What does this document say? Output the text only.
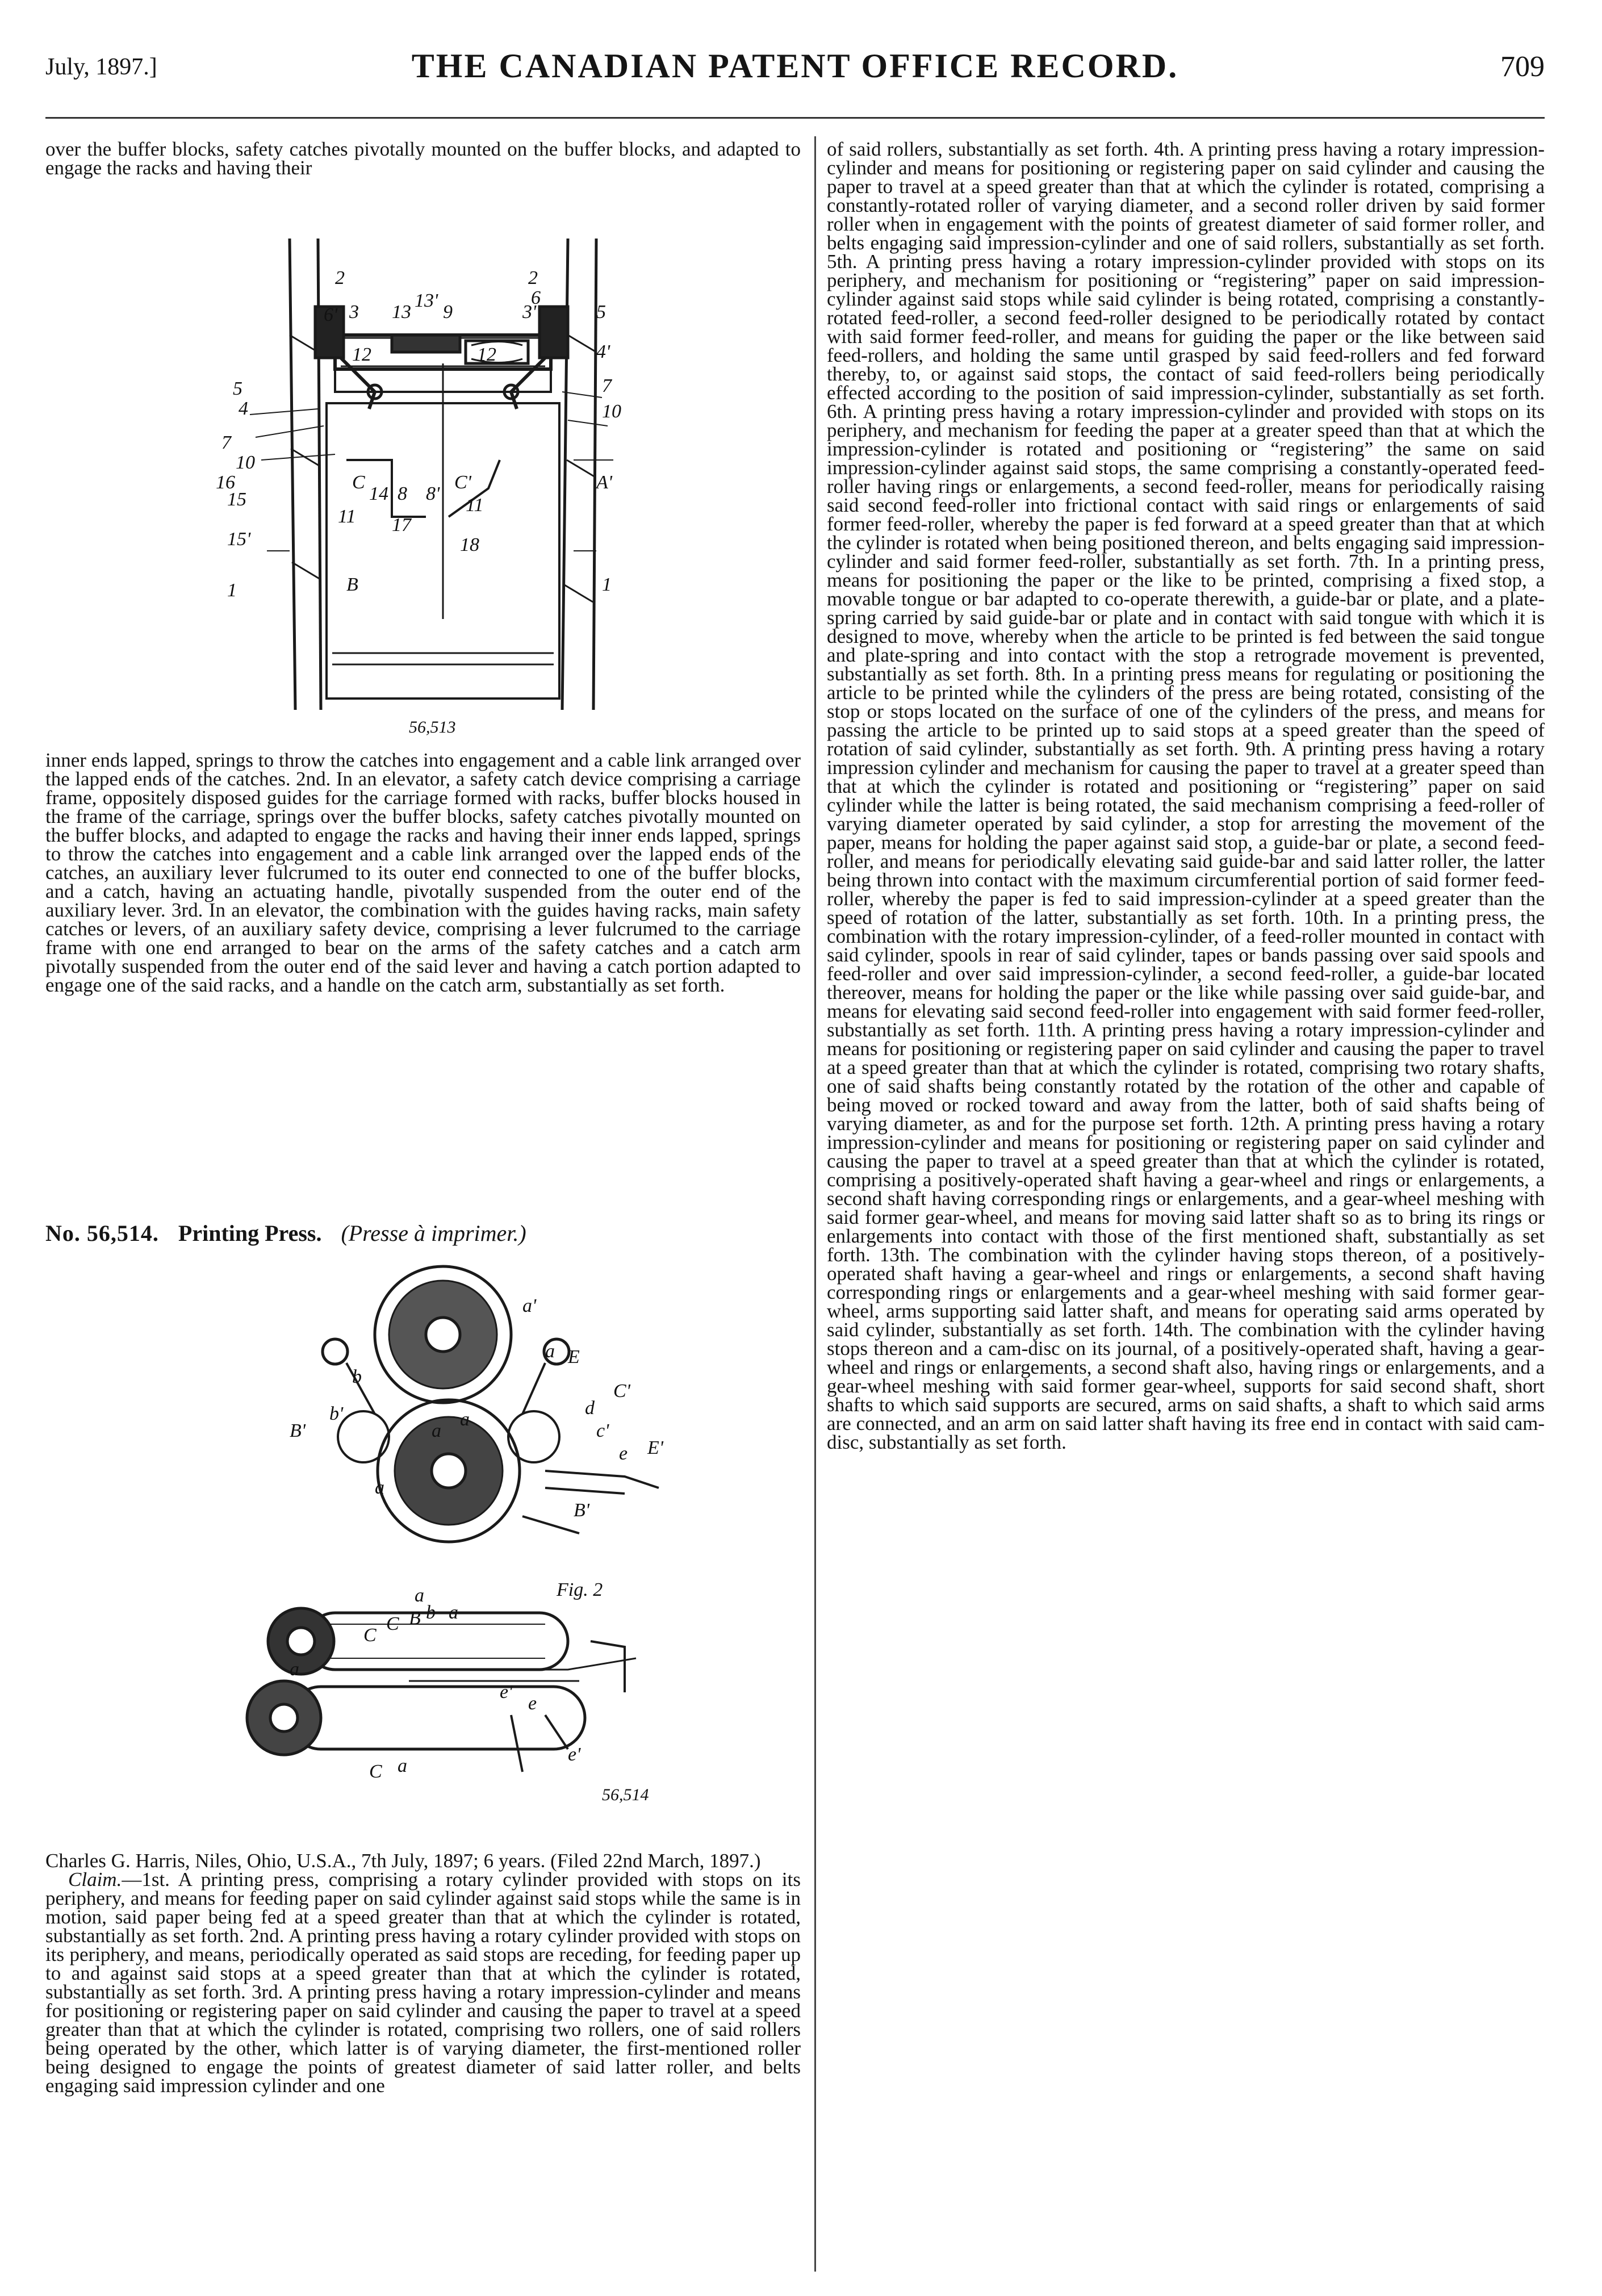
July, 1897.]	THE CANADIAN PATENT OFFICE RECORD.	709

over the buffer blocks, safety catches pivotally mounted on the buffer blocks, and adapted to engage the racks and having their

2	2
6' 3 13
13'
9	3'
6
5
5
4
4'
7
7
12	12
10
10
16
15
15'
C
14 8 8'
C'
11
11
17
18
1	1
B
A'
56,513

inner ends lapped, springs to throw the catches into engagement and a cable link arranged over the lapped ends of the catches. 2nd. In an elevator, a safety catch device comprising a carriage frame, oppositely disposed guides for the carriage formed with racks, buffer blocks housed in the frame of the carriage, springs over the buffer blocks, safety catches pivotally mounted on the buffer blocks, and adapted to engage the racks and having their inner ends lapped, springs to throw the catches into engagement and a cable link arranged over the lapped ends of the catches, an auxiliary lever fulcrumed to its outer end connected to one of the buffer blocks, and a catch, having an actuating handle, pivotally suspended from the outer end of the auxiliary lever. 3rd. In an elevator, the combination with the guides having racks, main safety catches or levers, of an auxiliary safety device, comprising a lever fulcrumed to the carriage frame with one end arranged to bear on the arms of the safety catches and a catch arm pivotally suspended from the outer end of the said lever and having a catch portion adapted to engage one of the said racks, and a handle on the catch arm, substantially as set forth.

No. 56,514. Printing Press. (Presse à imprimer.)
a'
a E
b
C'
b'
B'	a
a
d
c'
e E'
B'
a
Fig. 2
a
C
C B b a
e'
e
a
C a
e'
56,514

Charles G. Harris, Niles, Ohio, U.S.A., 7th July, 1897; 6 years. (Filed 22nd March, 1897.)

Claim.—1st. A printing press, comprising a rotary cylinder provided with stops on its periphery, and means for feeding paper on said cylinder against said stops while the same is in motion, said paper being fed at a speed greater than that at which the cylinder is rotated, substantially as set forth. 2nd. A printing press having a rotary cylinder provided with stops on its periphery, and means, periodically operated as said stops are receding, for feeding paper up to and against said stops at a speed greater than that at which the cylinder is rotated, substantially as set forth. 3rd. A printing press having a rotary impression-cylinder and means for positioning or registering paper on said cylinder and causing the paper to travel at a speed greater than that at which the cylinder is rotated, comprising two rollers, one of said rollers being operated by the other, which latter is of varying diameter, the first-mentioned roller being designed to engage the points of greatest diameter of said latter roller, and belts engaging said impression cylinder and one

of said rollers, substantially as set forth. 4th. A printing press having a rotary impression-cylinder and means for positioning or registering paper on said cylinder and causing the paper to travel at a speed greater than that at which the cylinder is rotated, comprising a constantly-rotated roller of varying diameter, and a second roller driven by said former roller when in engagement with the points of greatest diameter of said former roller, and belts engaging said impression-cylinder and one of said rollers, substantially as set forth. 5th. A printing press having a rotary impression-cylinder provided with stops on its periphery, and mechanism for positioning or “registering” paper on said impression-cylinder against said stops while said cylinder is being rotated, comprising a constantly-rotated feed-roller, a second feed-roller designed to be periodically rotated by contact with said former feed-roller, and means for guiding the paper or the like between said feed-rollers, and holding the same until grasped by said feed-rollers and fed forward thereby, to, or against said stops, the contact of said feed-rollers being periodically effected according to the position of said impression-cylinder, substantially as set forth. 6th. A printing press having a rotary impression-cylinder and provided with stops on its periphery, and mechanism for feeding the paper at a greater speed than that at which the impression-cylinder is rotated and positioning or “registering” the same on said impression-cylinder against said stops, the same comprising a constantly-operated feed-roller having rings or enlargements, a second feed-roller, means for periodically raising said second feed-roller into frictional contact with said rings or enlargements of said former feed-roller, whereby the paper is fed forward at a speed greater than that at which the cylinder is rotated when being positioned thereon, and belts engaging said impression-cylinder and said former feed-roller, substantially as set forth. 7th. In a printing press, means for positioning the paper or the like to be printed, comprising a fixed stop, a movable tongue or bar adapted to co-operate therewith, a guide-bar or plate, and a plate-spring carried by said guide-bar or plate and in contact with said tongue with which it is designed to move, whereby when the article to be printed is fed between the said tongue and plate-spring and into contact with the stop a retrograde movement is prevented, substantially as set forth. 8th. In a printing press means for regulating or positioning the article to be printed while the cylinders of the press are being rotated, consisting of the stop or stops located on the surface of one of the cylinders of the press, and means for passing the article to be printed up to said stops at a speed greater than the speed of rotation of said cylinder, substantially as set forth. 9th. A printing press having a rotary impression cylinder and mechanism for causing the paper to travel at a greater speed than that at which the cylinder is rotated and positioning or “registering” paper on said cylinder while the latter is being rotated, the said mechanism comprising a feed-roller of varying diameter operated by said cylinder, a stop for arresting the movement of the paper, means for holding the paper against said stop, a guide-bar or plate, a second feed-roller, and means for periodically elevating said guide-bar and said latter roller, the latter being thrown into contact with the maximum circumferential portion of said former feed-roller, whereby the paper is fed to said impression-cylinder at a speed greater than the speed of rotation of the latter, substantially as set forth. 10th. In a printing press, the combination with the rotary impression-cylinder, of a feed-roller mounted in contact with said cylinder, spools in rear of said cylinder, tapes or bands passing over said spools and feed-roller and over said impression-cylinder, a second feed-roller, a guide-bar located thereover, means for holding the paper or the like while passing over said guide-bar, and means for elevating said second feed-roller into engagement with said former feed-roller, substantially as set forth. 11th. A printing press having a rotary impression-cylinder and means for positioning or registering paper on said cylinder and causing the paper to travel at a speed greater than that at which the cylinder is rotated, comprising two rotary shafts, one of said shafts being constantly rotated by the rotation of the other and capable of being moved or rocked toward and away from the latter, both of said shafts being of varying diameter, as and for the purpose set forth. 12th. A printing press having a rotary impression-cylinder and means for positioning or registering paper on said cylinder and causing the paper to travel at a speed greater than that at which the cylinder is rotated, comprising a positively-operated shaft having a gear-wheel and rings or enlargements, a second shaft having corresponding rings or enlargements, and a gear-wheel meshing with said former gear-wheel, and means for moving said latter shaft so as to bring its rings or enlargements into contact with those of the first mentioned shaft, substantially as set forth. 13th. The combination with the cylinder having stops thereon, of a positively-operated shaft having a gear-wheel and rings or enlargements, a second shaft having corresponding rings or enlargements and a gear-wheel meshing with said former gear-wheel, arms supporting said latter shaft, and means for operating said arms operated by said cylinder, substantially as set forth. 14th. The combination with the cylinder having stops thereon and a cam-disc on its journal, of a positively-operated shaft, having a gear-wheel and rings or enlargements, a second shaft also, having rings or enlargements, and a gear-wheel meshing with said former gear-wheel, supports for said second shaft, short shafts to which said supports are secured, arms on said shafts, a shaft to which said arms are connected, and an arm on said latter shaft having its free end in contact with said cam-disc, substantially as set forth.
